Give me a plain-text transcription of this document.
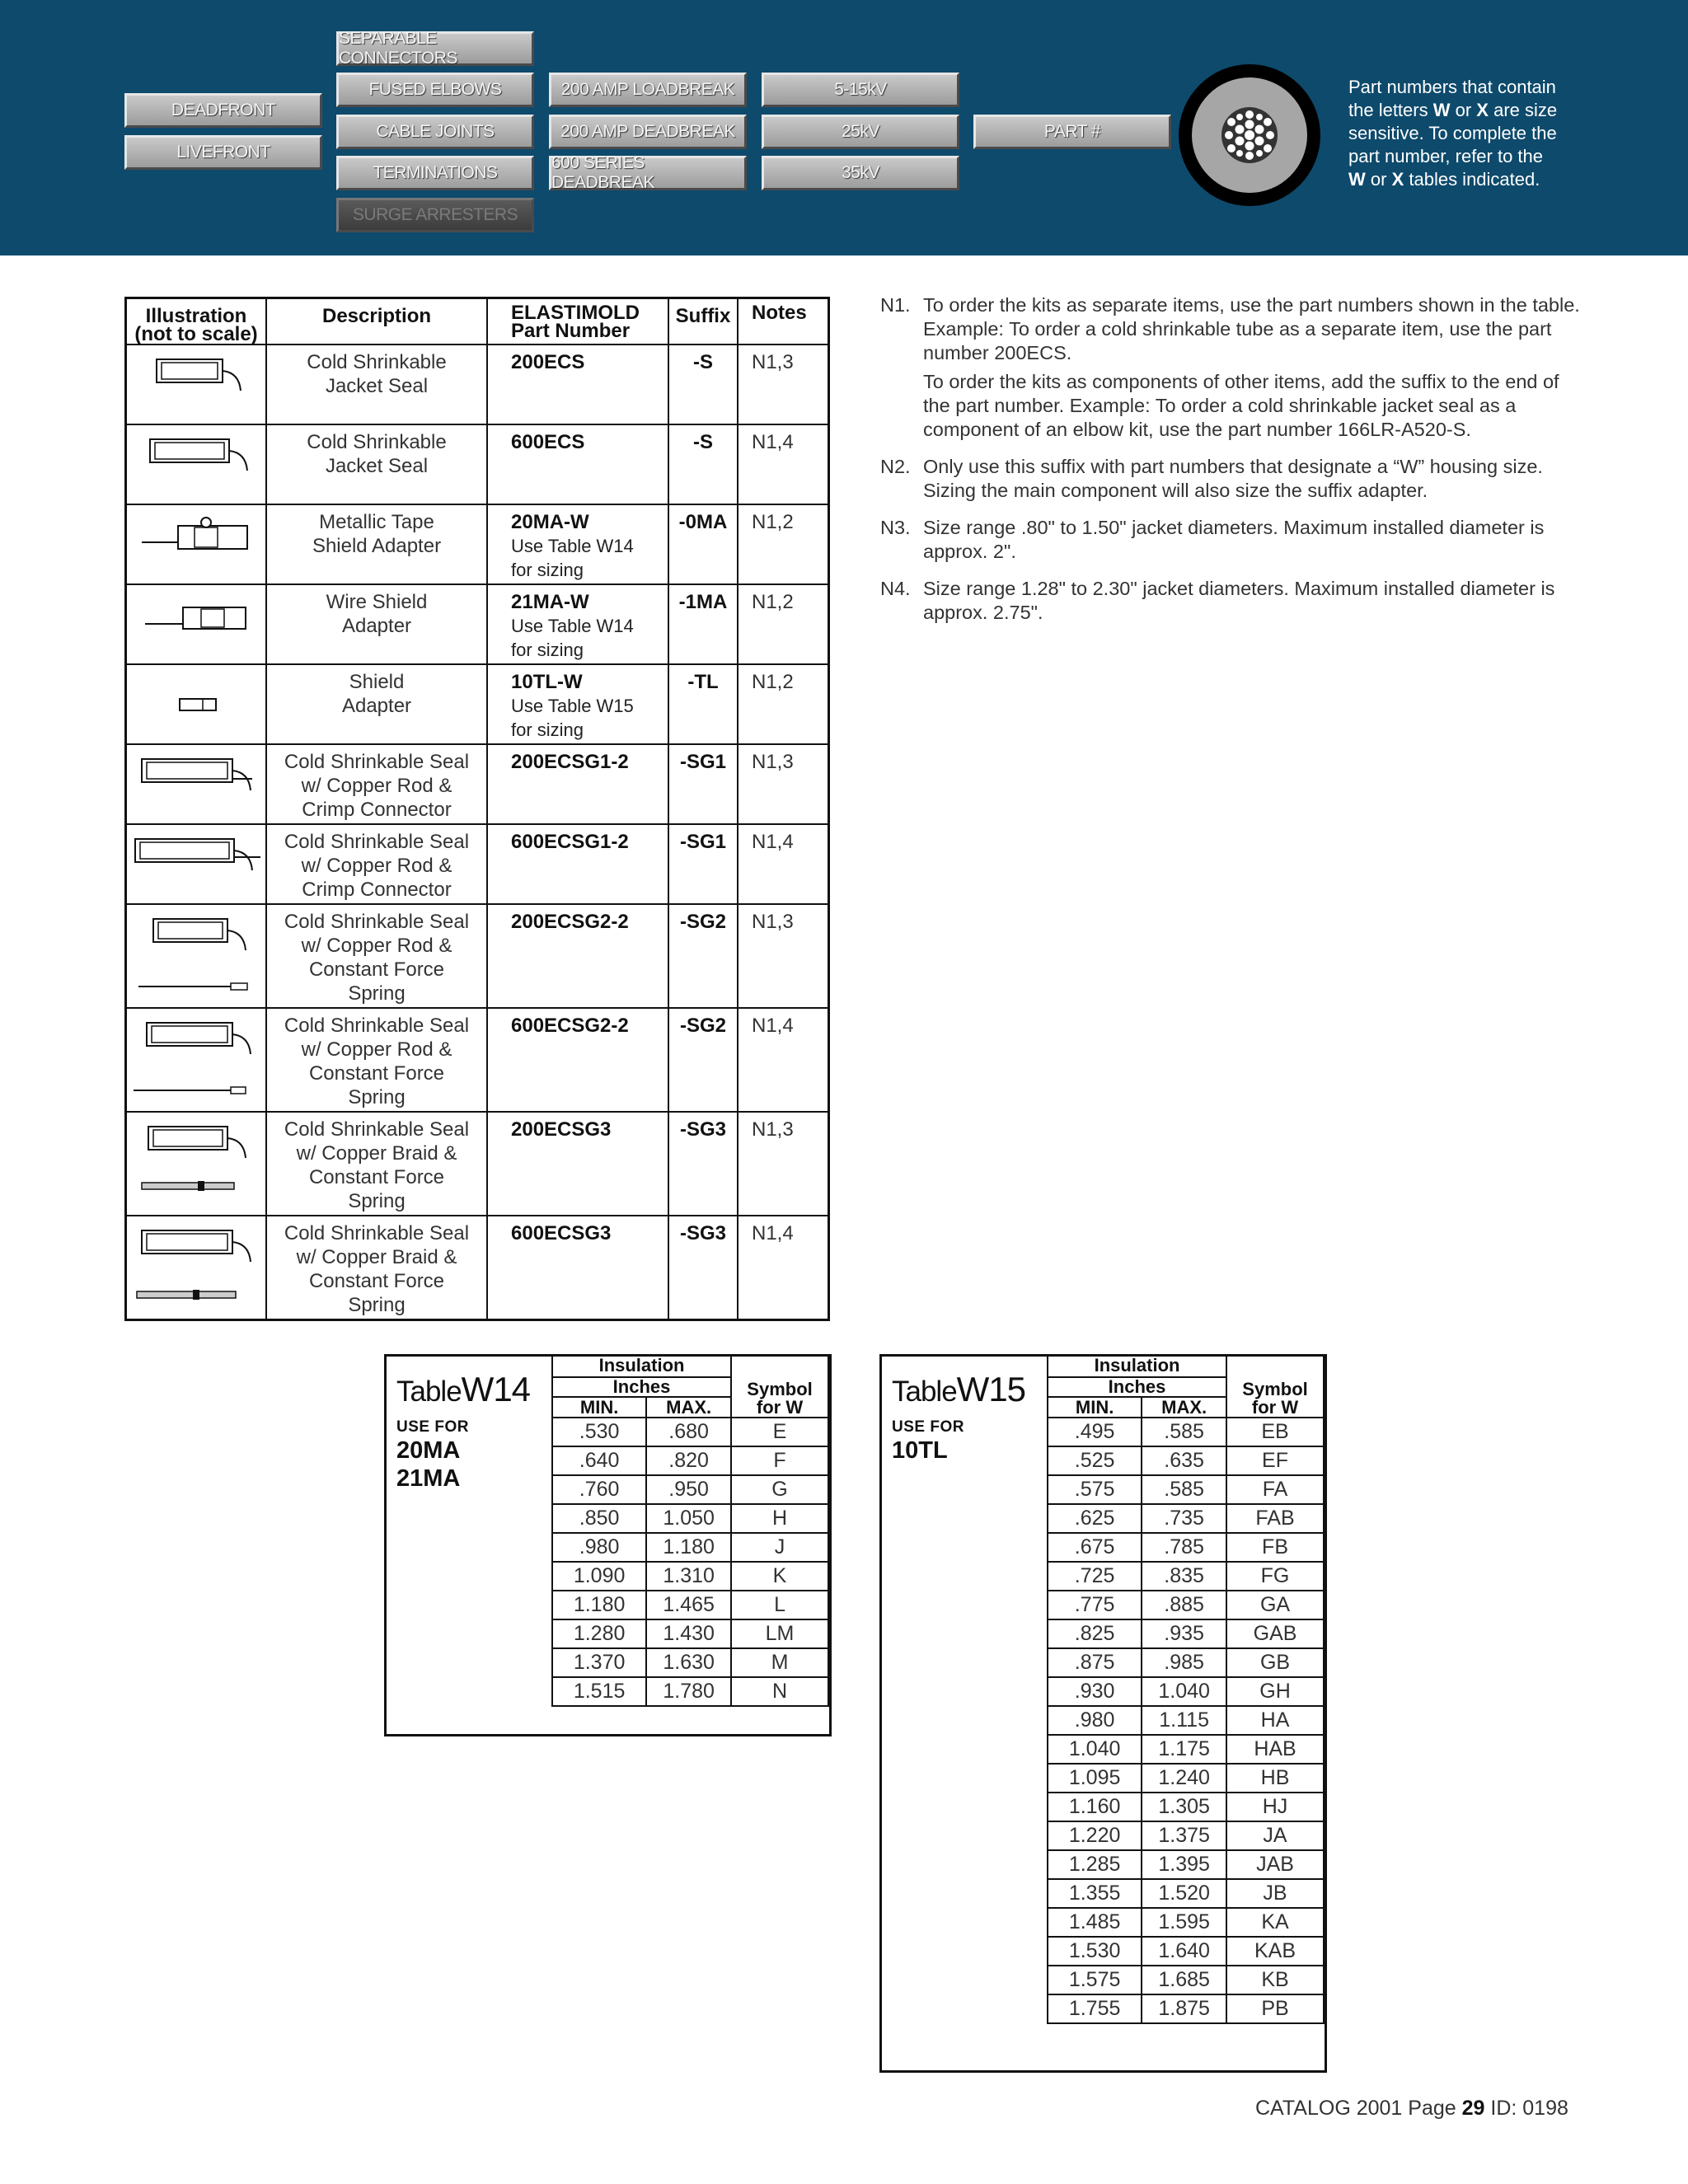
DEADFRONT
LIVEFRONT
SEPARABLE CONNECTORS
FUSED ELBOWS
CABLE JOINTS
TERMINATIONS
SURGE ARRESTERS
200 AMP LOADBREAK
200 AMP DEADBREAK
600 SERIES DEADBREAK
5-15kV
25kV
35kV
PART #
Part numbers that contain
the letters W or X are size
sensitive. To complete the
part number, refer to the
W or X tables indicated.
Illustration
(not to scale)	Description	ELASTIMOLD
Part Number	Suffix	Notes

	Cold Shrinkable
Jacket Seal	200ECS	-S	N1,3

	Cold Shrinkable
Jacket Seal	600ECS	-S	N1,4

	Metallic Tape
Shield Adapter	20MA-W
Use Table W14
for sizing	-0MA	N1,2

	Wire Shield
Adapter	21MA-W
Use Table W14
for sizing	-1MA	N1,2

	Shield
Adapter	10TL-W
Use Table W15
for sizing	-TL	N1,2

	Cold Shrinkable Seal
w/ Copper Rod &
Crimp Connector	200ECSG1-2	-SG1	N1,3

	Cold Shrinkable Seal
w/ Copper Rod &
Crimp Connector	600ECSG1-2	-SG1	N1,4

	Cold Shrinkable Seal
w/ Copper Rod &
Constant Force
Spring	200ECSG2-2	-SG2	N1,3

	Cold Shrinkable Seal
w/ Copper Rod &
Constant Force
Spring	600ECSG2-2	-SG2	N1,4

	Cold Shrinkable Seal
w/ Copper Braid &
Constant Force
Spring	200ECSG3	-SG3	N1,3

	Cold Shrinkable Seal
w/ Copper Braid &
Constant Force
Spring	600ECSG3	-SG3	N1,4
N1. To order the kits as separate items, use the part numbers shown in the table. Example: To order a cold shrinkable tube as a separate item, use the part number 200ECS.

To order the kits as components of other items, add the suffix to the end of the part number. Example: To order a cold shrinkable jacket seal as a component of an elbow kit, use the part number 166LR-A520-S.

N2. Only use this suffix with part numbers that designate a “W” housing size. Sizing the main component will also size the suffix adapter.

N3. Size range .80" to 1.50" jacket diameters. Maximum installed diameter is approx. 2".

N4. Size range 1.28" to 2.30" jacket diameters. Maximum installed diameter is approx. 2.75".

TableW14
USE FOR
20MA
21MA
Insulation		Symbol
for W
Inches		
MIN.	MAX.	
.530	.680	E
.640	.820	F
.760	.950	G
.850	1.050	H
.980	1.180	J
1.090	1.310	K
1.180	1.465	L
1.280	1.430	LM
1.370	1.630	M
1.515	1.780	N
TableW15
USE FOR
10TL
Insulation		Symbol
for W
Inches		
MIN.	MAX.	
.495	.585	EB
.525	.635	EF
.575	.585	FA
.625	.735	FAB
.675	.785	FB
.725	.835	FG
.775	.885	GA
.825	.935	GAB
.875	.985	GB
.930	1.040	GH
.980	1.115	HA
1.040	1.175	HAB
1.095	1.240	HB
1.160	1.305	HJ
1.220	1.375	JA
1.285	1.395	JAB
1.355	1.520	JB
1.485	1.595	KA
1.530	1.640	KAB
1.575	1.685	KB
1.755	1.875	PB
CATALOG 2001 Page 29 ID: 0198
